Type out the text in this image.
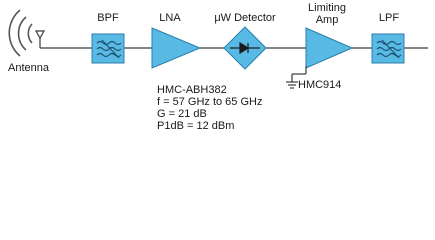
BPF	LNA	μW Detector
Limiting
Amp	LPF
Antenna
HMC-ABH382
f = 57 GHz to 65 GHz
G = 21 dB
P1dB = 12 dBm
HMC914
